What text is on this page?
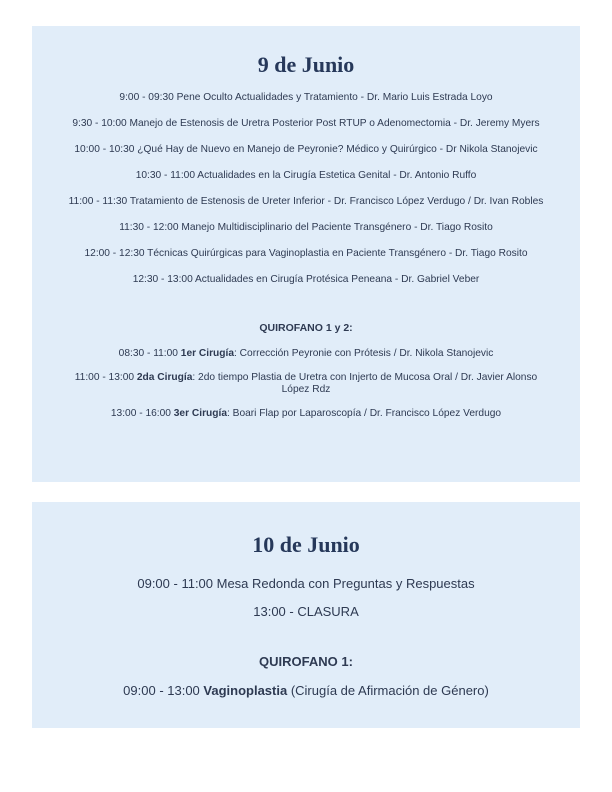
9 de Junio
9:00 - 09:30 Pene Oculto Actualidades y Tratamiento - Dr. Mario Luis Estrada Loyo
9:30 - 10:00 Manejo de Estenosis de Uretra Posterior Post RTUP o Adenomectomia - Dr. Jeremy Myers
10:00 - 10:30 ¿Qué Hay de Nuevo en Manejo de Peyronie? Médico y Quirúrgico - Dr Nikola Stanojevic
10:30 - 11:00 Actualidades en la Cirugía Estetica Genital - Dr. Antonio Ruffo
11:00 - 11:30 Tratamiento de Estenosis de Ureter Inferior - Dr. Francisco López Verdugo / Dr. Ivan Robles
11:30 - 12:00 Manejo Multidisciplinario del Paciente Transgénero - Dr. Tiago Rosito
12:00 - 12:30 Técnicas Quirúrgicas para Vaginoplastia en Paciente Transgénero - Dr. Tiago Rosito
12:30 - 13:00 Actualidades en Cirugía Protésica Peneana - Dr. Gabriel Veber
QUIROFANO 1 y 2:
08:30 - 11:00 1er Cirugía: Corrección Peyronie con Prótesis / Dr. Nikola Stanojevic
11:00 - 13:00 2da Cirugía: 2do tiempo Plastia de Uretra con Injerto de Mucosa Oral / Dr. Javier Alonso López Rdz
13:00 - 16:00 3er Cirugía: Boari Flap por Laparoscopía / Dr. Francisco López Verdugo
10 de Junio
09:00 - 11:00 Mesa Redonda con Preguntas y Respuestas
13:00 - CLASURA
QUIROFANO 1:
09:00 - 13:00 Vaginoplastia (Cirugía de Afirmación de Género)
